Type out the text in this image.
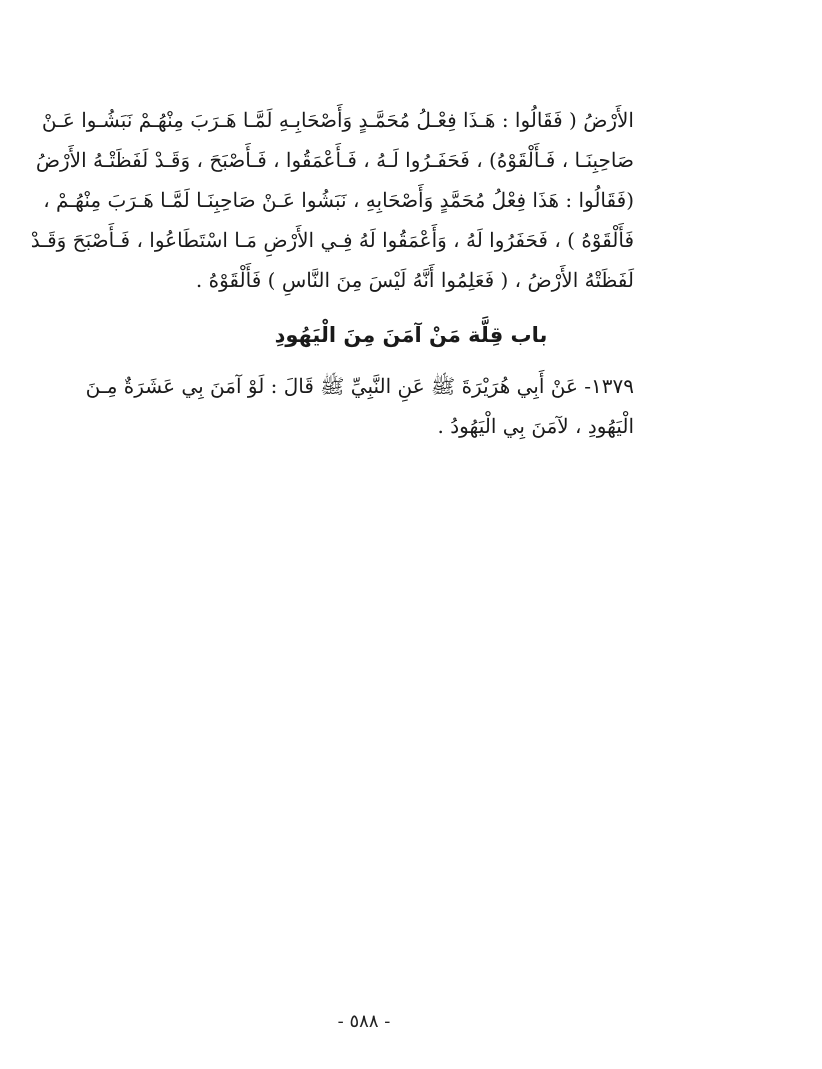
الأَرْضُ ( فَقَالُوا : هَـذَا فِعْـلُ مُحَمَّـدٍ وَأَصْحَابِـهِ لَمَّـا هَـرَبَ مِنْهُـمْ نَبَشُـوا عَـنْ
صَاحِبِنَـا ، فَـأَلْقَوْهُ) ، فَحَفَـرُوا لَـهُ ، فَـأَعْمَقُوا ، فَـأَصْبَحَ ، وَقَـدْ لَفَظَتْـهُ الأَرْضُ
(فَقَالُوا : هَذَا فِعْلُ مُحَمَّدٍ وَأَصْحَابِهِ ، نَبَشُوا عَـنْ صَاحِبِنَـا لَمَّـا هَـرَبَ مِنْهُـمْ ،
فَأَلْقَوْهُ ) ، فَحَفَرُوا لَهُ ، وَأَعْمَقُوا لَهُ فِـي الأَرْضِ مَـا اسْتَطَاعُوا ، فَـأَصْبَحَ وَقَـدْ
لَفَظَتْهُ الأَرْضُ ، ( فَعَلِمُوا أَنَّهُ لَيْسَ مِنَ النَّاسِ ) فَأَلْقَوْهُ .
باب قِلَّة مَنْ آمَنَ مِنَ الْيَهُودِ
١٣٧٩- عَنْ أَبِي هُرَيْرَةَ ﷺ عَنِ النَّبِيِّ ﷺ قَالَ : لَوْ آمَنَ بِي عَشَرَةٌ مِـنَ
الْيَهُودِ ، لآمَنَ بِي الْيَهُودُ .
- ٥٨٨ -
